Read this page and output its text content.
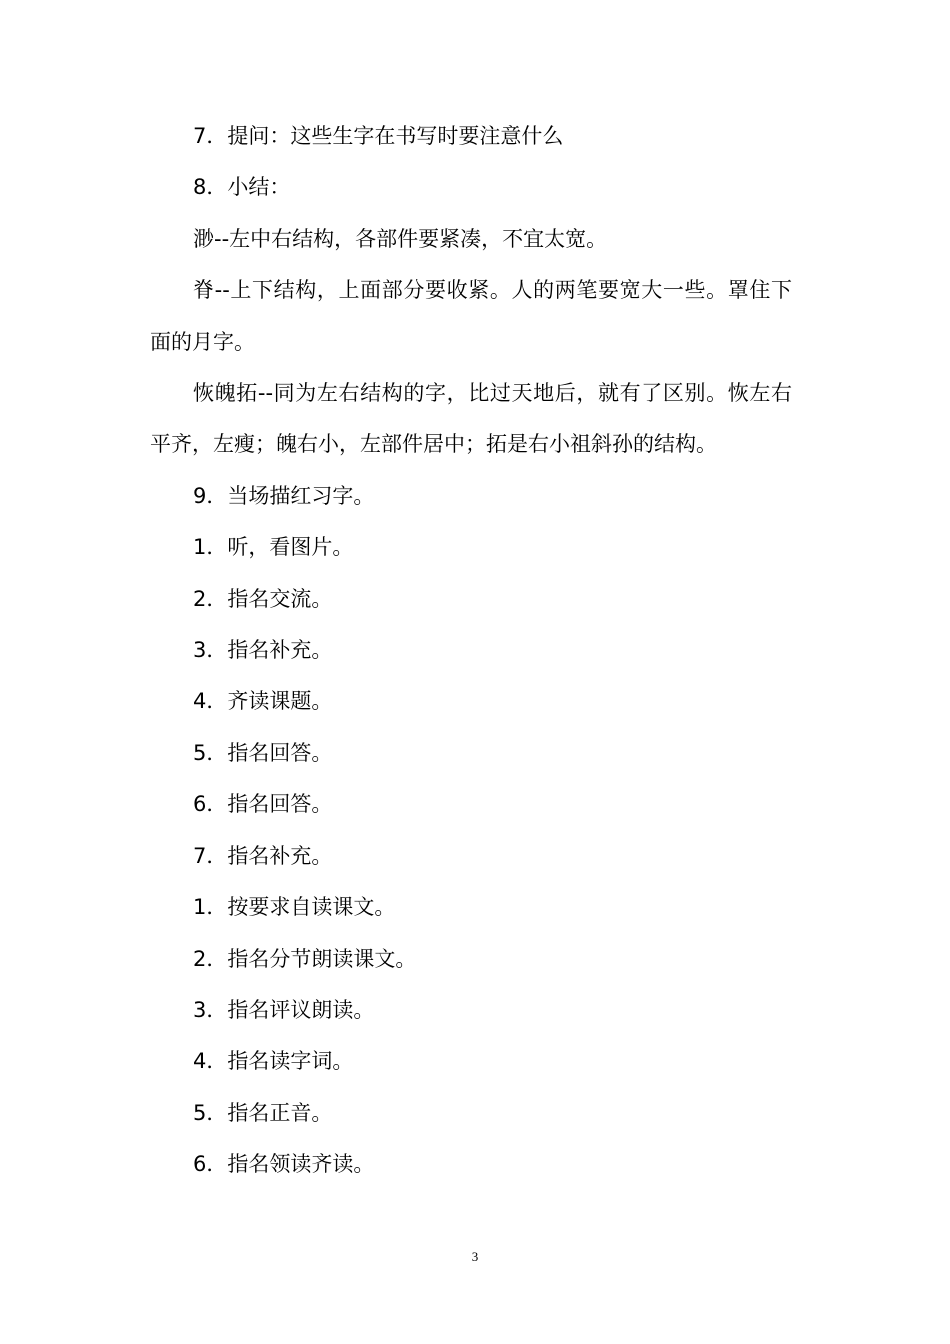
7．提问：这些生字在书写时要注意什么

8．小结：

渺--左中右结构，各部件要紧凑，不宜太宽。

脊--上下结构，上面部分要收紧。人的两笔要宽大一些。罩住下面的月字。

恢魄拓--同为左右结构的字，比过天地后，就有了区别。恢左右平齐，左瘦；魄右小，左部件居中；拓是右小祖斜孙的结构。

9．当场描红习字。

1．听，看图片。

2．指名交流。

3．指名补充。

4．齐读课题。

5．指名回答。

6．指名回答。

7．指名补充。

1．按要求自读课文。

2．指名分节朗读课文。

3．指名评议朗读。

4．指名读字词。

5．指名正音。

6．指名领读齐读。

3
